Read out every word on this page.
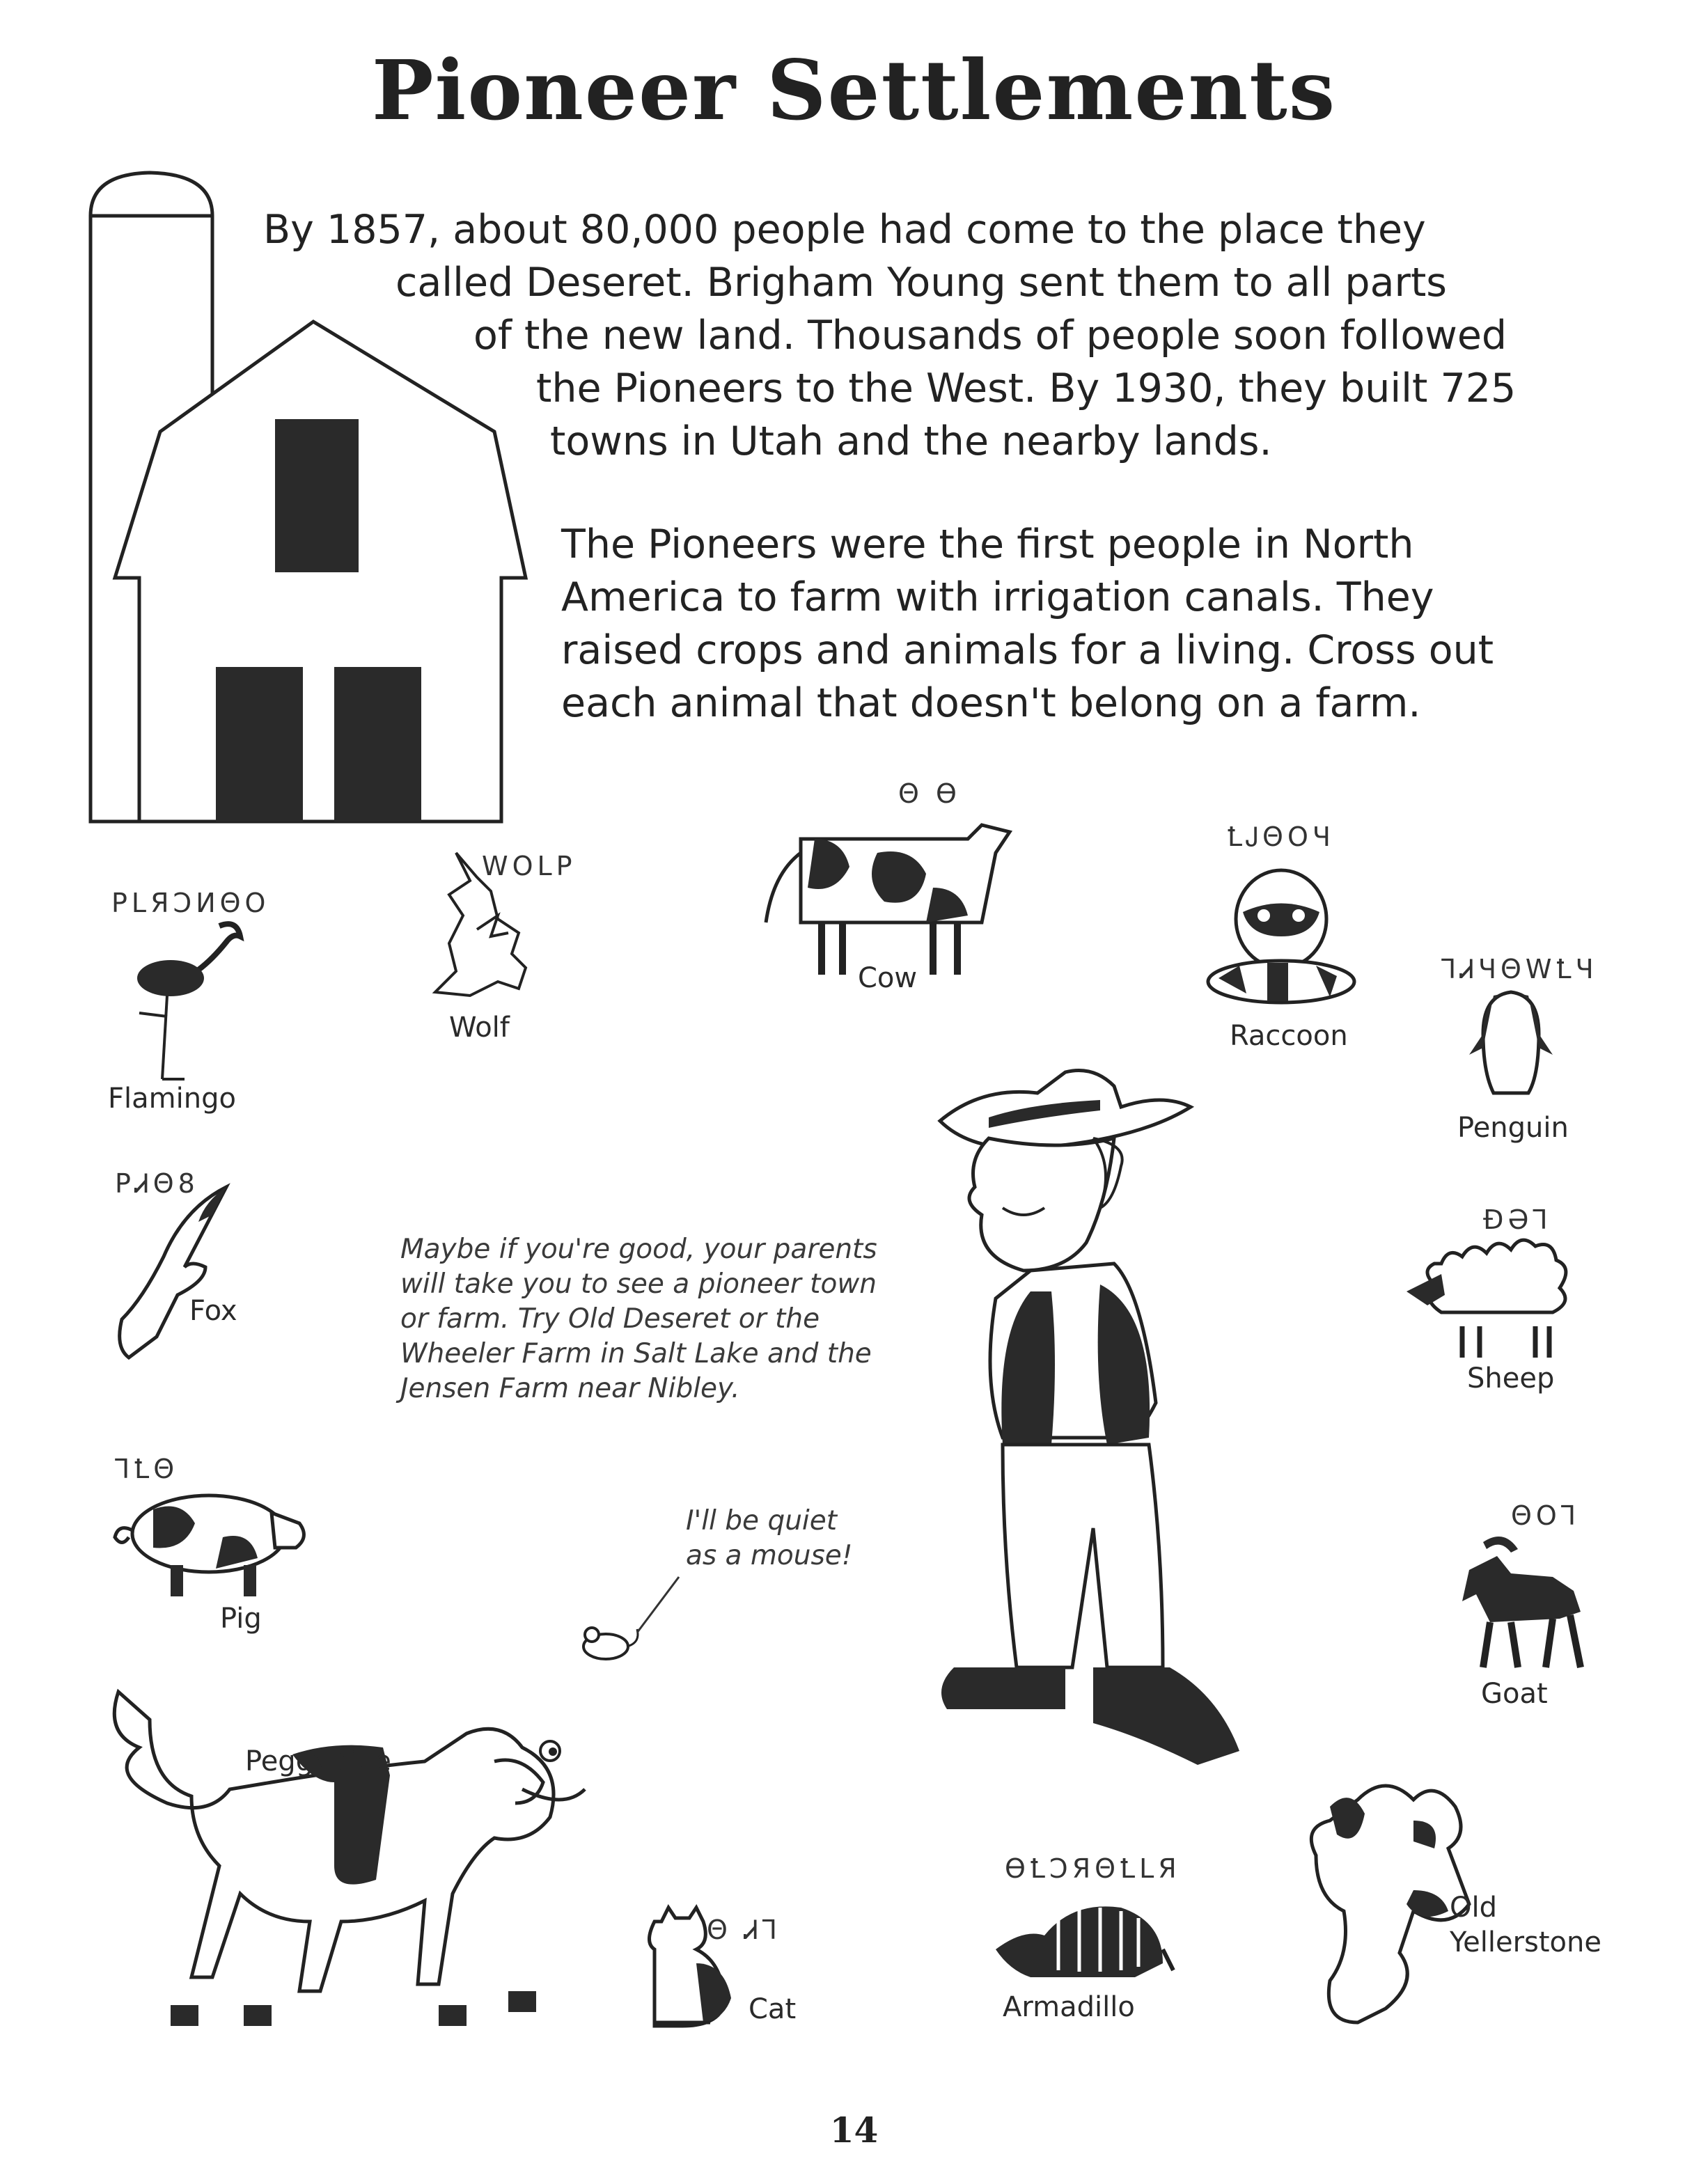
Pioneer Settlements
By 1857, about 80,000 people had come to the place they
called Deseret. Brigham Young sent them to all parts
of the new land. Thousands of people soon followed
the Pioneers to the West. By 1930, they built 725
towns in Utah and the nearby lands.
The Pioneers were the first people in North
America to farm with irrigation canals. They
raised crops and animals for a living. Cross out
each animal that doesn't belong on a farm.
PLЯƆИΘO
Flamingo
WOLP
Wolf
Θ Ɵ
Cow
ꝈᎫΘOЧ
Raccoon
ꞀᏗЧΘWꝈЧ
Penguin
PᏗΘ8
Fox
ƉƏꞀ
Sheep
ꞀꝈΘ
Pig
ΘOꞀ
Goat
Θ ᏗꞀ
Cat
ƟꝈƆЯΘꝈLЯ
Armadillo
Peggy Sue
Old
Yellerstone
Maybe if you're good, your parents
will take you to see a pioneer town
or farm. Try Old Deseret or the
Wheeler Farm in Salt Lake and the
Jensen Farm near Nibley.
I'll be quiet
as a mouse!
14
